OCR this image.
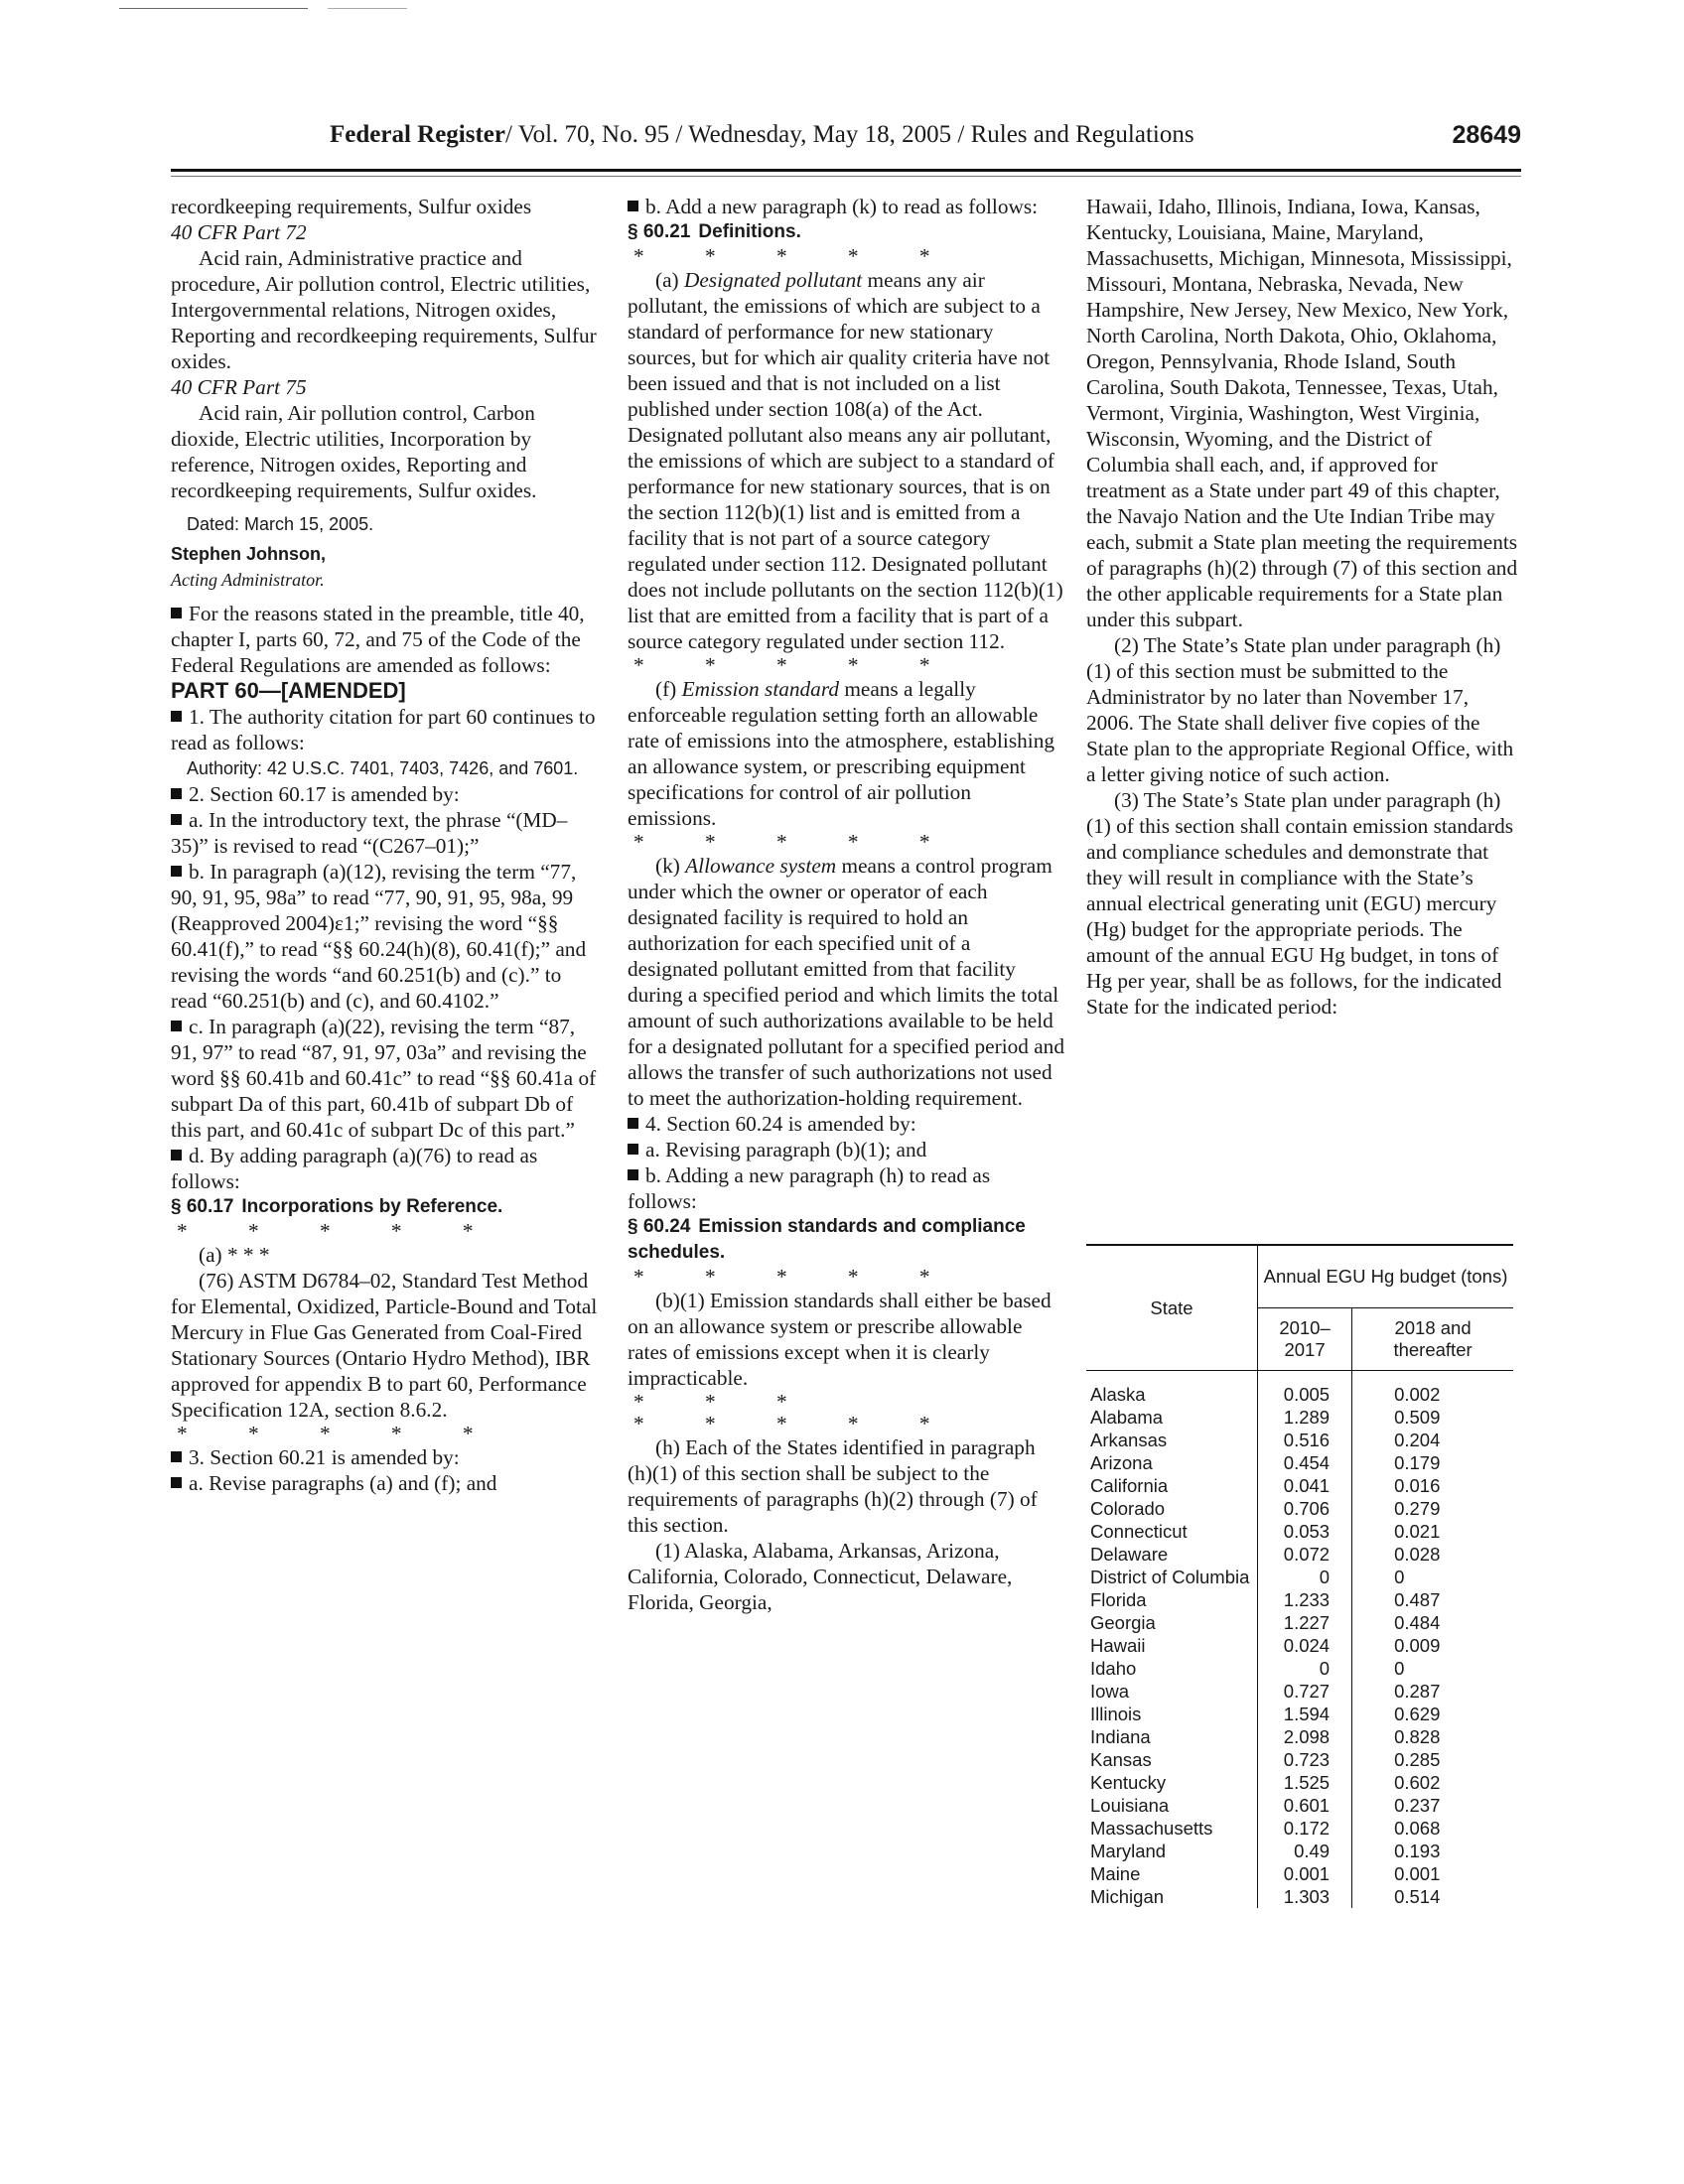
Federal Register/ Vol. 70, No. 95 / Wednesday, May 18, 2005 / Rules and Regulations	28649

recordkeeping requirements, Sulfur oxides

40 CFR Part 72

Acid rain, Administrative practice and procedure, Air pollution control, Electric utilities, Intergovernmental relations, Nitrogen oxides, Reporting and recordkeeping requirements, Sulfur oxides.

40 CFR Part 75

Acid rain, Air pollution control, Carbon dioxide, Electric utilities, Incorporation by reference, Nitrogen oxides, Reporting and recordkeeping requirements, Sulfur oxides.

Dated: March 15, 2005.

Stephen Johnson,

Acting Administrator.

For the reasons stated in the preamble, title 40, chapter I, parts 60, 72, and 75 of the Code of the Federal Regulations are amended as follows:

PART 60—[AMENDED]

1. The authority citation for part 60 continues to read as follows:

Authority: 42 U.S.C. 7401, 7403, 7426, and 7601.

2. Section 60.17 is amended by:

a. In the introductory text, the phrase “(MD–35)” is revised to read “(C267–01);”

b. In paragraph (a)(12), revising the term “77, 90, 91, 95, 98a” to read “77, 90, 91, 95, 98a, 99 (Reapproved 2004)ε1;” revising the word “§§ 60.41(f),” to read “§§ 60.24(h)(8), 60.41(f);” and revising the words “and 60.251(b) and (c).” to read “60.251(b) and (c), and 60.4102.”

c. In paragraph (a)(22), revising the term “87, 91, 97” to read “87, 91, 97, 03a” and revising the word §§ 60.41b and 60.41c” to read “§§ 60.41a of subpart Da of this part, 60.41b of subpart Db of this part, and 60.41c of subpart Dc of this part.”

d. By adding paragraph (a)(76) to read as follows:

§ 60.17 Incorporations by Reference.

* * * * *

(a) * * *

(76) ASTM D6784–02, Standard Test Method for Elemental, Oxidized, Particle-Bound and Total Mercury in Flue Gas Generated from Coal-Fired Stationary Sources (Ontario Hydro Method), IBR approved for appendix B to part 60, Performance Specification 12A, section 8.6.2.

* * * * *

3. Section 60.21 is amended by:

a. Revise paragraphs (a) and (f); and

b. Add a new paragraph (k) to read as follows:

§ 60.21 Definitions.

* * * * *

(a) Designated pollutant means any air pollutant, the emissions of which are subject to a standard of performance for new stationary sources, but for which air quality criteria have not been issued and that is not included on a list published under section 108(a) of the Act. Designated pollutant also means any air pollutant, the emissions of which are subject to a standard of performance for new stationary sources, that is on the section 112(b)(1) list and is emitted from a facility that is not part of a source category regulated under section 112. Designated pollutant does not include pollutants on the section 112(b)(1) list that are emitted from a facility that is part of a source category regulated under section 112.

* * * * *

(f) Emission standard means a legally enforceable regulation setting forth an allowable rate of emissions into the atmosphere, establishing an allowance system, or prescribing equipment specifications for control of air pollution emissions.

* * * * *

(k) Allowance system means a control program under which the owner or operator of each designated facility is required to hold an authorization for each specified unit of a designated pollutant emitted from that facility during a specified period and which limits the total amount of such authorizations available to be held for a designated pollutant for a specified period and allows the transfer of such authorizations not used to meet the authorization-holding requirement.

4. Section 60.24 is amended by:

a. Revising paragraph (b)(1); and

b. Adding a new paragraph (h) to read as follows:

§ 60.24 Emission standards and compliance schedules.

* * * * *

(b)(1) Emission standards shall either be based on an allowance system or prescribe allowable rates of emissions except when it is clearly impracticable.

* * *

* * * * *

(h) Each of the States identified in paragraph (h)(1) of this section shall be subject to the requirements of paragraphs (h)(2) through (7) of this section.

(1) Alaska, Alabama, Arkansas, Arizona, California, Colorado, Connecticut, Delaware, Florida, Georgia,

Hawaii, Idaho, Illinois, Indiana, Iowa, Kansas, Kentucky, Louisiana, Maine, Maryland, Massachusetts, Michigan, Minnesota, Mississippi, Missouri, Montana, Nebraska, Nevada, New Hampshire, New Jersey, New Mexico, New York, North Carolina, North Dakota, Ohio, Oklahoma, Oregon, Pennsylvania, Rhode Island, South Carolina, South Dakota, Tennessee, Texas, Utah, Vermont, Virginia, Washington, West Virginia, Wisconsin, Wyoming, and the District of Columbia shall each, and, if approved for treatment as a State under part 49 of this chapter, the Navajo Nation and the Ute Indian Tribe may each, submit a State plan meeting the requirements of paragraphs (h)(2) through (7) of this section and the other applicable requirements for a State plan under this subpart.

(2) The State’s State plan under paragraph (h)(1) of this section must be submitted to the Administrator by no later than November 17, 2006. The State shall deliver five copies of the State plan to the appropriate Regional Office, with a letter giving notice of such action.

(3) The State’s State plan under paragraph (h)(1) of this section shall contain emission standards and compliance schedules and demonstrate that they will result in compliance with the State’s annual electrical generating unit (EGU) mercury (Hg) budget for the appropriate periods. The amount of the annual EGU Hg budget, in tons of Hg per year, shall be as follows, for the indicated State for the indicated period:

State	Annual EGU Hg budget (tons)	
	2010–2017	2018 and thereafter
Alaska	0.005	0.002
Alabama	1.289	0.509
Arkansas	0.516	0.204
Arizona	0.454	0.179
California	0.041	0.016
Colorado	0.706	0.279
Connecticut	0.053	0.021
Delaware	0.072	0.028
District of Columbia	0	0
Florida	1.233	0.487
Georgia	1.227	0.484
Hawaii	0.024	0.009
Idaho	0	0
Iowa	0.727	0.287
Illinois	1.594	0.629
Indiana	2.098	0.828
Kansas	0.723	0.285
Kentucky	1.525	0.602
Louisiana	0.601	0.237
Massachusetts	0.172	0.068
Maryland	0.49	0.193
Maine	0.001	0.001
Michigan	1.303	0.514
